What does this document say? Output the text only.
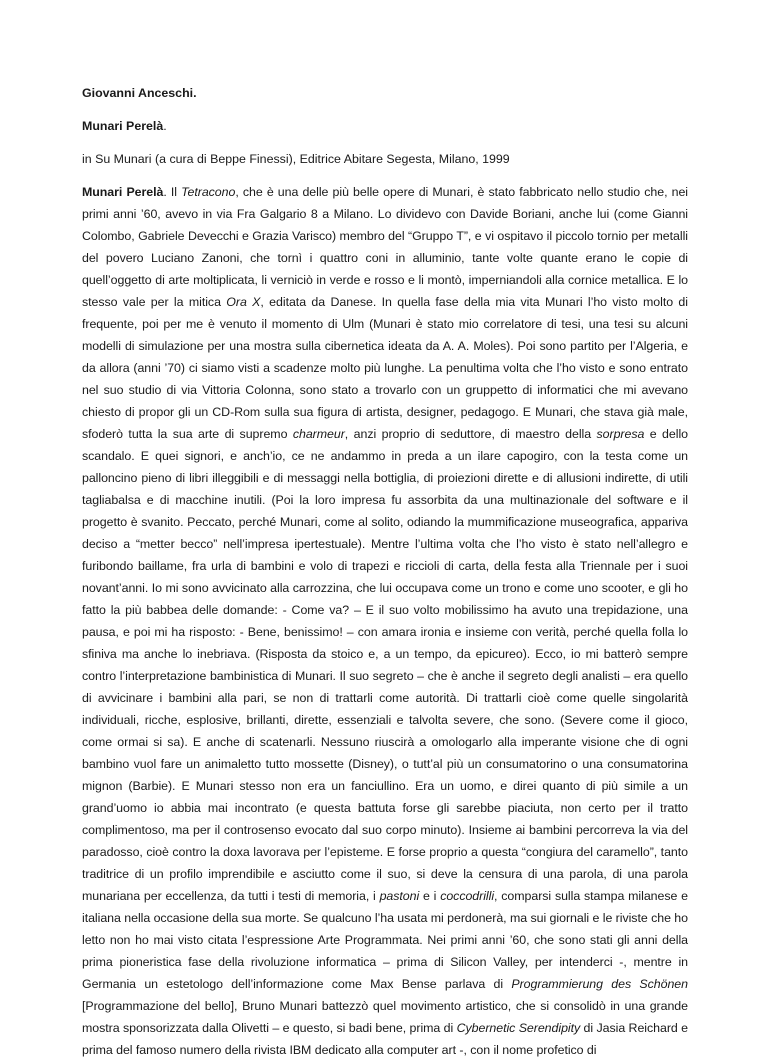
Giovanni Anceschi.

Munari Perelà.

in Su Munari (a cura di Beppe Finessi), Editrice Abitare Segesta, Milano, 1999

Munari Perelà. Il Tetracono, che è una delle più belle opere di Munari, è stato fabbricato nello studio che, nei primi anni ’60, avevo in via Fra Galgario 8 a Milano. Lo dividevo con Davide Boriani, anche lui (come Gianni Colombo, Gabriele Devecchi e Grazia Varisco) membro del “Gruppo T”, e vi ospitavo il piccolo tornio per metalli del povero Luciano Zanoni, che tornì i quattro coni in alluminio, tante volte quante erano le copie di quell’oggetto di arte moltiplicata, li verniciò in verde e rosso e li montò, imperniandoli alla cornice metallica. E lo stesso vale per la mitica Ora X, editata da Danese. In quella fase della mia vita Munari l’ho visto molto di frequente, poi per me è venuto il momento di Ulm (Munari è stato mio correlatore di tesi, una tesi su alcuni modelli di simulazione per una mostra sulla cibernetica ideata da A. A. Moles). Poi sono partito per l’Algeria, e da allora (anni ’70) ci siamo visti a scadenze molto più lunghe. La penultima volta che l’ho visto e sono entrato nel suo studio di via Vittoria Colonna, sono stato a trovarlo con un gruppetto di informatici che mi avevano chiesto di propor gli un CD-Rom sulla sua figura di artista, designer, pedagogo. E Munari, che stava già male, sfoderò tutta la sua arte di supremo charmeur, anzi proprio di seduttore, di maestro della sorpresa e dello scandalo. E quei signori, e anch’io, ce ne andammo in preda a un ilare capogiro, con la testa come un palloncino pieno di libri illeggibili e di messaggi nella bottiglia, di proiezioni dirette e di allusioni indirette, di utili tagliabalsa e di macchine inutili. (Poi la loro impresa fu assorbita da una multinazionale del software e il progetto è svanito. Peccato, perché Munari, come al solito, odiando la mummificazione museografica, appariva deciso a “metter becco” nell’impresa ipertestuale). Mentre l’ultima volta che l’ho visto è stato nell’allegro e furibondo baillame, fra urla di bambini e volo di trapezi e riccioli di carta, della festa alla Triennale per i suoi novant’anni. Io mi sono avvicinato alla carrozzina, che lui occupava come un trono e come uno scooter, e gli ho fatto la più babbea delle domande: - Come va? – E il suo volto mobilissimo ha avuto una trepidazione, una pausa, e poi mi ha risposto: - Bene, benissimo! – con amara ironia e insieme con verità, perché quella folla lo sfiniva ma anche lo inebriava. (Risposta da stoico e, a un tempo, da epicureo). Ecco, io mi batterò sempre contro l’interpretazione bambinistica di Munari. Il suo segreto – che è anche il segreto degli analisti – era quello di avvicinare i bambini alla pari, se non di trattarli come autorità. Di trattarli cioè come quelle singolarità individuali, ricche, esplosive, brillanti, dirette, essenziali e talvolta severe, che sono. (Severe come il gioco, come ormai si sa). E anche di scatenarli. Nessuno riuscirà a omologarlo alla imperante visione che di ogni bambino vuol fare un animaletto tutto mossette (Disney), o tutt’al più un consumatorino o una consumatorina mignon (Barbie). E Munari stesso non era un fanciullino. Era un uomo, e direi quanto di più simile a un grand’uomo io abbia mai incontrato (e questa battuta forse gli sarebbe piaciuta, non certo per il tratto complimentoso, ma per il controsenso evocato dal suo corpo minuto). Insieme ai bambini percorreva la via del paradosso, cioè contro la doxa lavorava per l’episteme. E forse proprio a questa “congiura del caramello”, tanto traditrice di un profilo imprendibile e asciutto come il suo, si deve la censura di una parola, di una parola munariana per eccellenza, da tutti i testi di memoria, i pastoni e i coccodrilli, comparsi sulla stampa milanese e italiana nella occasione della sua morte. Se qualcuno l’ha usata mi perdonerà, ma sui giornali e le riviste che ho letto non ho mai visto citata l’espressione Arte Programmata. Nei primi anni ’60, che sono stati gli anni della prima pioneristica fase della rivoluzione informatica – prima di Silicon Valley, per intenderci -, mentre in Germania un estetologo dell’informazione come Max Bense parlava di Programmierung des Schönen [Programmazione del bello], Bruno Munari battezzò quel movimento artistico, che si consolidò in una grande mostra sponsorizzata dalla Olivetti – e questo, si badi bene, prima di Cybernetic Serendipity di Jasia Reichard e prima del famoso numero della rivista IBM dedicato alla computer art -, con il nome profetico di
